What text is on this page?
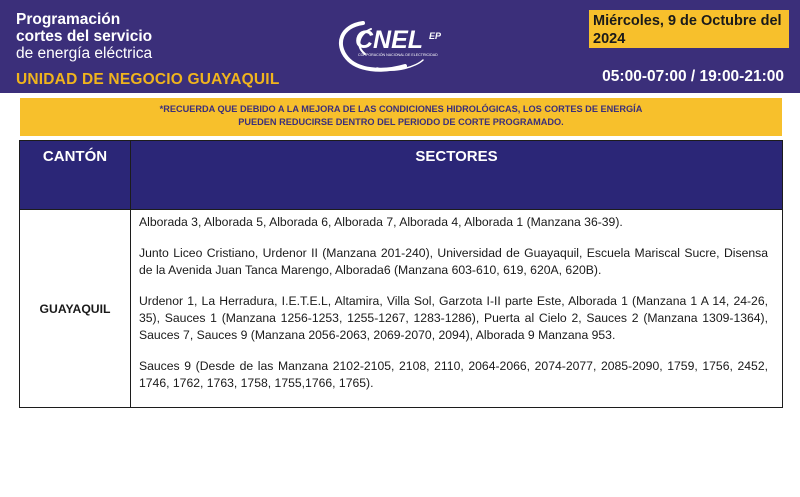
Programación
cortes del servicio
de energía eléctrica
UNIDAD DE NEGOCIO GUAYAQUIL
CNEL EP
CORPORACIÓN NACIONAL DE ELECTRICIDAD
Miércoles, 9 de Octubre del 2024
05:00-07:00 / 19:00-21:00
*RECUERDA QUE DEBIDO A LA MEJORA DE LAS CONDICIONES HIDROLÓGICAS, LOS CORTES DE ENERGÍA
PUEDEN REDUCIRSE DENTRO DEL PERIODO DE CORTE PROGRAMADO.
CANTÓN	SECTORES
GUAYAQUIL	Alborada 3, Alborada 5, Alborada 6, Alborada 7, Alborada 4, Alborada 1 (Manzana 36-39).

Junto Liceo Cristiano, Urdenor II (Manzana 201-240), Universidad de Guayaquil, Escuela Mariscal Sucre, Disensa de la Avenida Juan Tanca Marengo, Alborada6 (Manzana 603-610, 619, 620A, 620B).

Urdenor 1, La Herradura, I.E.T.E.L, Altamira, Villa Sol, Garzota I-II parte Este, Alborada 1 (Manzana 1 A 14, 24-26, 35), Sauces 1 (Manzana 1256-1253, 1255-1267, 1283-1286), Puerta al Cielo 2, Sauces 2 (Manzana 1309-1364), Sauces 7, Sauces 9 (Manzana 2056-2063, 2069-2070, 2094), Alborada 9 Manzana 953.

Sauces 9 (Desde de las Manzana 2102-2105, 2108, 2110, 2064-2066, 2074-2077, 2085-2090, 1759, 1756, 2452, 1746, 1762, 1763, 1758, 1755,1766, 1765).
